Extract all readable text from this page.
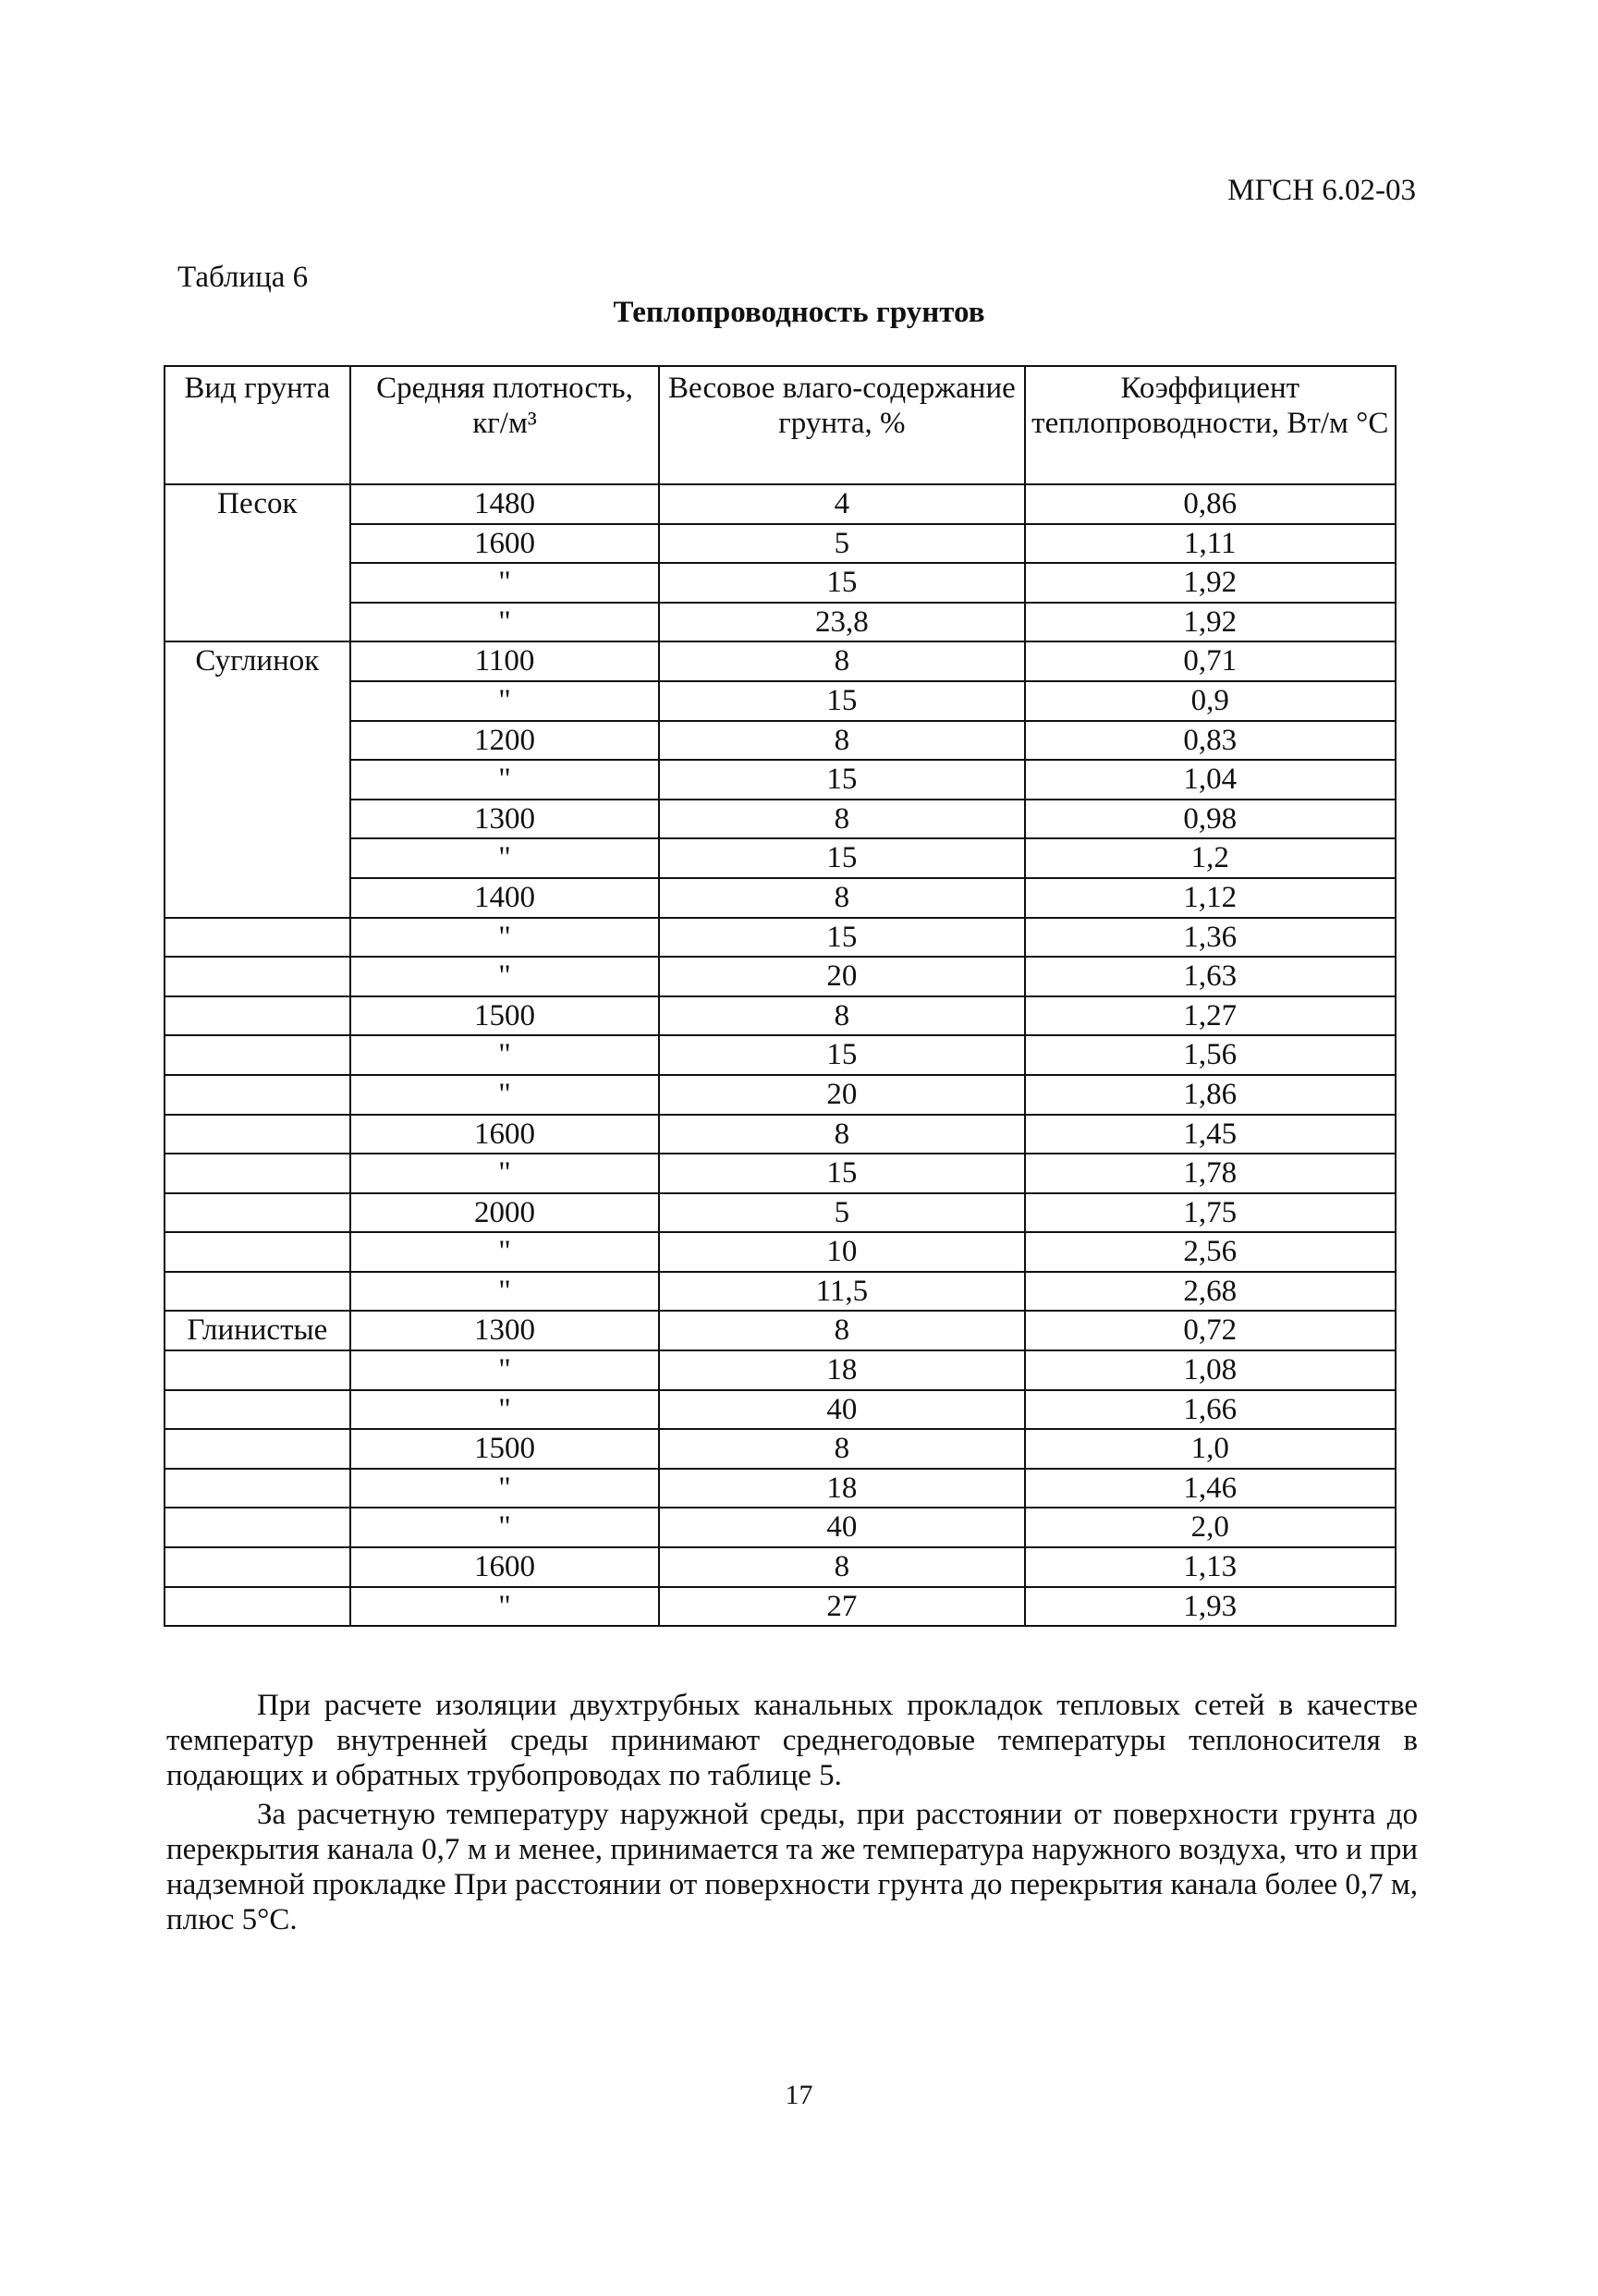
МГСН 6.02-03
Таблица 6
Теплопроводность грунтов
Вид грунта	Средняя плотность, кг/м³	Весовое влаго-содержание грунта, %	Коэффициент теплопроводности, Вт/м °С
Песок	1480	4	0,86
	1600	5	1,11
	"	15	1,92
	"	23,8	1,92
Суглинок	1100	8	0,71
	"	15	0,9
	1200	8	0,83
	"	15	1,04
	1300	8	0,98
	"	15	1,2
	1400	8	1,12
	"	15	1,36
	"	20	1,63
	1500	8	1,27
	"	15	1,56
	"	20	1,86
	1600	8	1,45
	"	15	1,78
	2000	5	1,75
	"	10	2,56
	"	11,5	2,68
Глинистые	1300	8	0,72
	"	18	1,08
	"	40	1,66
	1500	8	1,0
	"	18	1,46
	"	40	2,0
	1600	8	1,13
	"	27	1,93

При расчете изоляции двухтрубных канальных прокладок тепловых сетей в качестве температур внутренней среды принимают среднегодовые температуры теплоносителя в подающих и обратных трубопроводах по таблице 5.

За расчетную температуру наружной среды, при расстоянии от поверхности грунта до перекрытия канала 0,7 м и менее, принимается та же температура наружного воздуха, что и при надземной прокладке При расстоянии от поверхности грунта до перекрытия канала более 0,7 м, плюс 5°С.

17
